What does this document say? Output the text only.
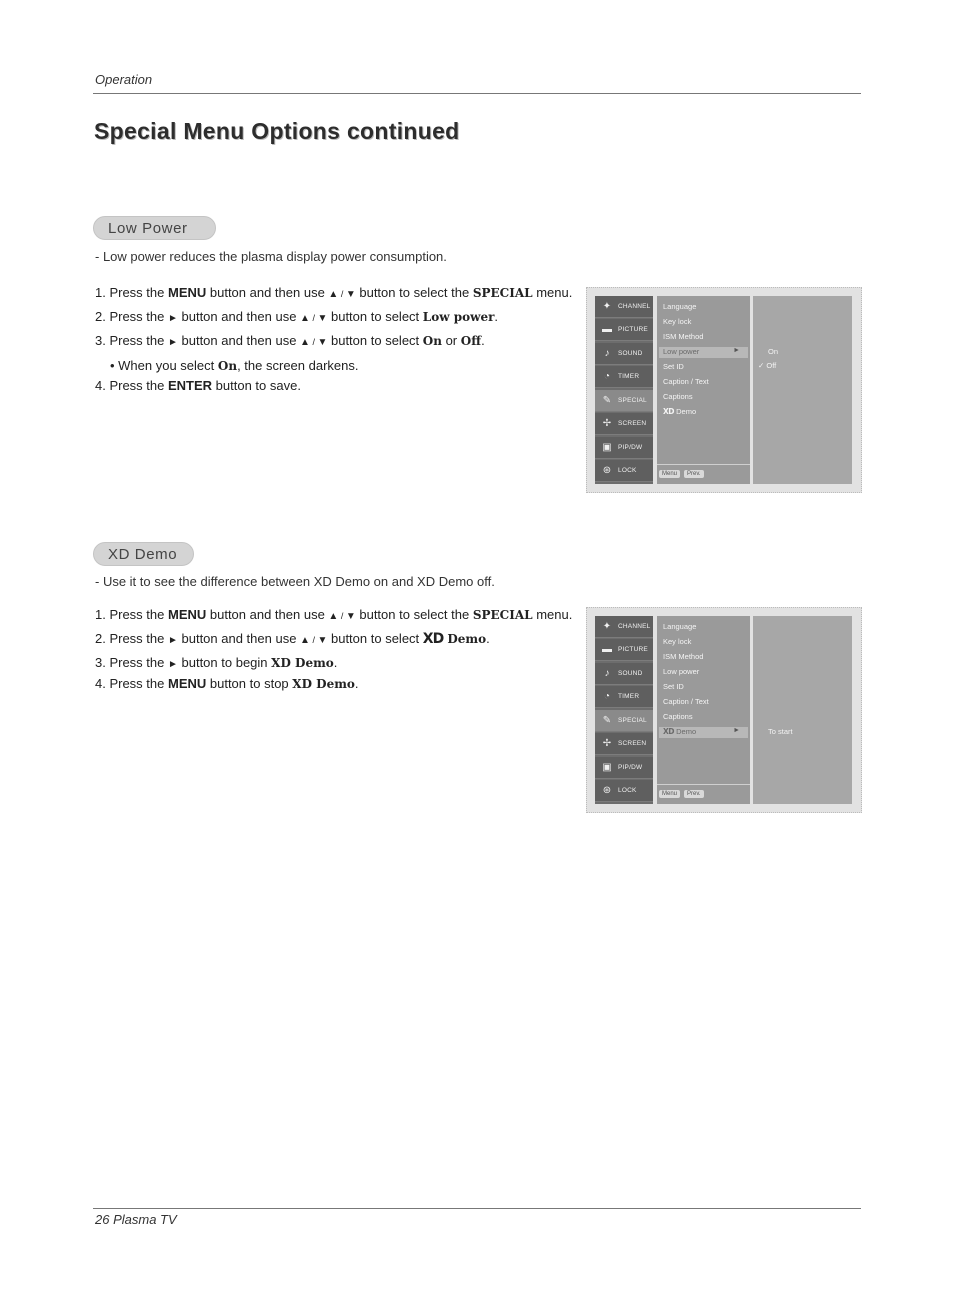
Operation
Special Menu Options continued
Low Power
- Low power reduces the plasma display power consumption.
1. Press the MENU button and then use ▲ / ▼ button to select the SPECIAL menu.
2. Press the ► button and then use ▲ / ▼ button to select Low power.
3. Press the ► button and then use ▲ / ▼ button to select On or Off.
• When you select On, the screen darkens.
4. Press the ENTER button to save.
✦	CHANNEL
▬ PICTURE
♪	SOUND
◔	TIMER
✎	SPECIAL
✢	SCREEN
▣ PIP/DW
⊛	LOCK
Language
Key lock
ISM Method
Low power	►
Set ID
Caption / Text
Captions
XD Demo
Menu	Prev.
On
✓ Off
XD Demo
- Use it to see the difference between XD Demo on and XD Demo off.
1. Press the MENU button and then use ▲ / ▼ button to select the SPECIAL menu.
2. Press the ► button and then use ▲ / ▼ button to select XD Demo.
3. Press the ► button to begin XD Demo.
4. Press the MENU button to stop XD Demo.
✦	CHANNEL
▬ PICTURE
♪	SOUND
◔	TIMER
✎	SPECIAL
✢	SCREEN
▣ PIP/DW
⊛	LOCK
Language
Key lock
ISM Method
Low power
Set ID
Caption / Text
Captions
XD Demo	►
Menu	Prev.
To start
26 Plasma TV
